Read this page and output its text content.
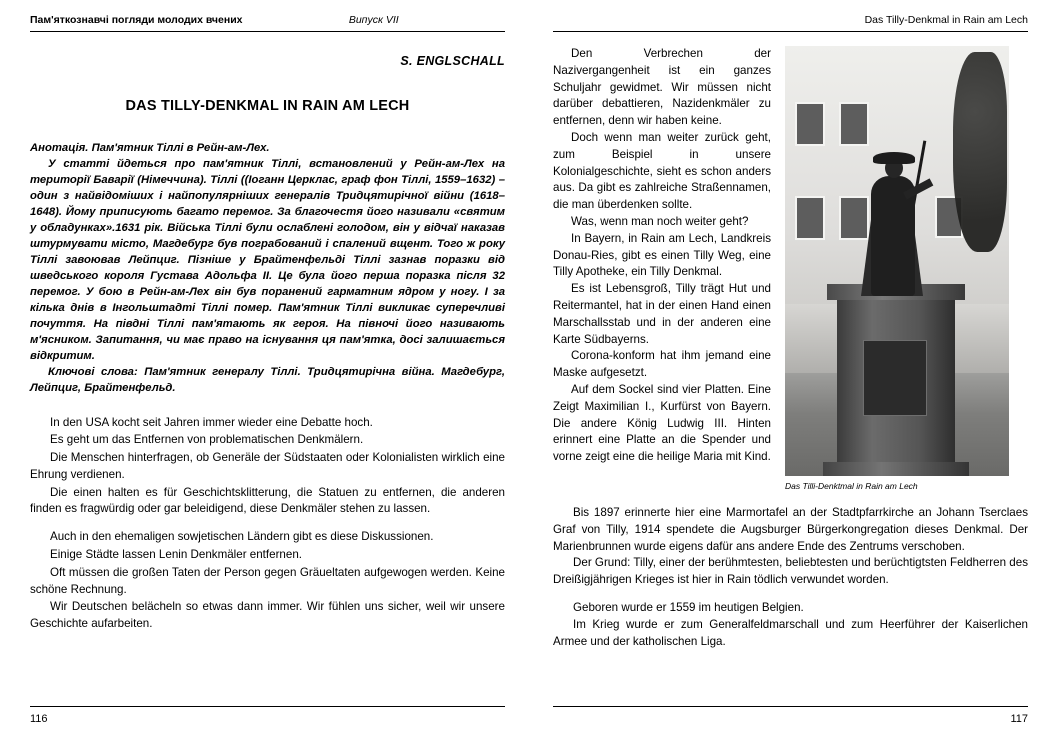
Пам'яткознавчі погляди молодих вчених	Випуск VII
S. ENGLSCHALL
DAS TILLY-DENKMAL IN RAIN AM LECH

Анотація. Пам'ятник Тіллі в Рейн-ам-Лех.

У статті йдеться про пам'ятник Тіллі, встановлений у Рейн-ам-Лех на території Баварії (Німеччина). Тіллі ((Іоганн Церклас, граф фон Тіллі, 1559–1632) – один з найвідоміших і найпопулярніших генералів Тридцятирічної війни (1618–1648). Йому приписують багато перемог. За благочестя його називали «святим у обладунках».1631 рік. Війська Тіллі були ослаблені голодом, він у відчаї наказав штурмувати місто, Магдебург був пограбований і спалений вщент. Того ж року Тіллі завоював Лейпциг. Пізніше у Брайтенфельді Тіллі зазнав поразки від шведського короля Густава Адольфа II. Це була його перша поразка після 32 перемог. У бою в Рейн-ам-Лех він був поранений гарматним ядром у ногу. І за кілька днів в Інгольштадті Тіллі помер. Пам'ятник Тіллі викликає суперечливі почуття. На півдні Тіллі пам'ятають як героя. На півночі його називають м'ясником. Запитання, чи має право на існування ця пам'ятка, досі залишається відкритим.

Ключові слова: Пам'ятник генералу Тіллі. Тридцятирічна війна. Магдебург, Лейпциг, Брайтенфельд.

In den USA kocht seit Jahren immer wieder eine Debatte hoch.

Es geht um das Entfernen von problematischen Denkmälern.

Die Menschen hinterfragen, ob Generäle der Südstaaten oder Kolonialisten wirklich eine Ehrung verdienen.

Die einen halten es für Geschichtsklitterung, die Statuen zu entfernen, die anderen finden es fragwürdig oder gar beleidigend, diese Denkmäler stehen zu lassen.

Auch in den ehemaligen sowjetischen Ländern gibt es diese Diskussionen.

Einige Städte lassen Lenin Denkmäler entfernen.

Oft müssen die großen Taten der Person gegen Gräueltaten aufgewogen werden. Keine schöne Rechnung.

Wir Deutschen belächeln so etwas dann immer. Wir fühlen uns sicher, weil wir unsere Geschichte aufarbeiten.

116
Das Tilly-Denkmal in Rain am Lech

Den Verbrechen der Nazivergangenheit ist ein ganzes Schuljahr gewidmet. Wir müssen nicht darüber debattieren, Nazidenkmäler zu entfernen, denn wir haben keine.

Doch wenn man weiter zurück geht, zum Beispiel in unsere Kolonialgeschichte, sieht es schon anders aus. Da gibt es zahlreiche Straßennamen, die man überdenken sollte.

Was, wenn man noch weiter geht?

In Bayern, in Rain am Lech, Landkreis Donau-Ries, gibt es einen Tilly Weg, eine Tilly Apotheke, ein Tilly Denkmal.

Es ist Lebensgroß, Tilly trägt Hut und Reitermantel, hat in der einen Hand einen Marschallsstab und in der anderen eine Karte Südbayerns.

Corona-konform hat ihm jemand eine Maske aufgesetzt.

Auf dem Sockel sind vier Platten. Eine Zeigt Maximilian I., Kurfürst von Bayern. Die andere König Ludwig III. Hinten erinnert eine Platte an die Spender und vorne zeigt eine die heilige Maria mit Kind.

Das Tilli-Denktmal in Rain am Lech

Bis 1897 erinnerte hier eine Marmortafel an der Stadtpfarrkirche an Johann Tserclaes Graf von Tilly, 1914 spendete die Augsburger Bürgerkongregation dieses Denkmal. Der Marienbrunnen wurde eigens dafür ans andere Ende des Zentrums verschoben.

Der Grund: Tilly, einer der berühmtesten, beliebtesten und berüchtigtsten Feldherren des Dreißigjährigen Krieges ist hier in Rain tödlich verwundet worden.

Geboren wurde er 1559 im heutigen Belgien.

Im Krieg wurde er zum Generalfeldmarschall und zum Heerführer der Kaiserlichen Armee und der katholischen Liga.

117
